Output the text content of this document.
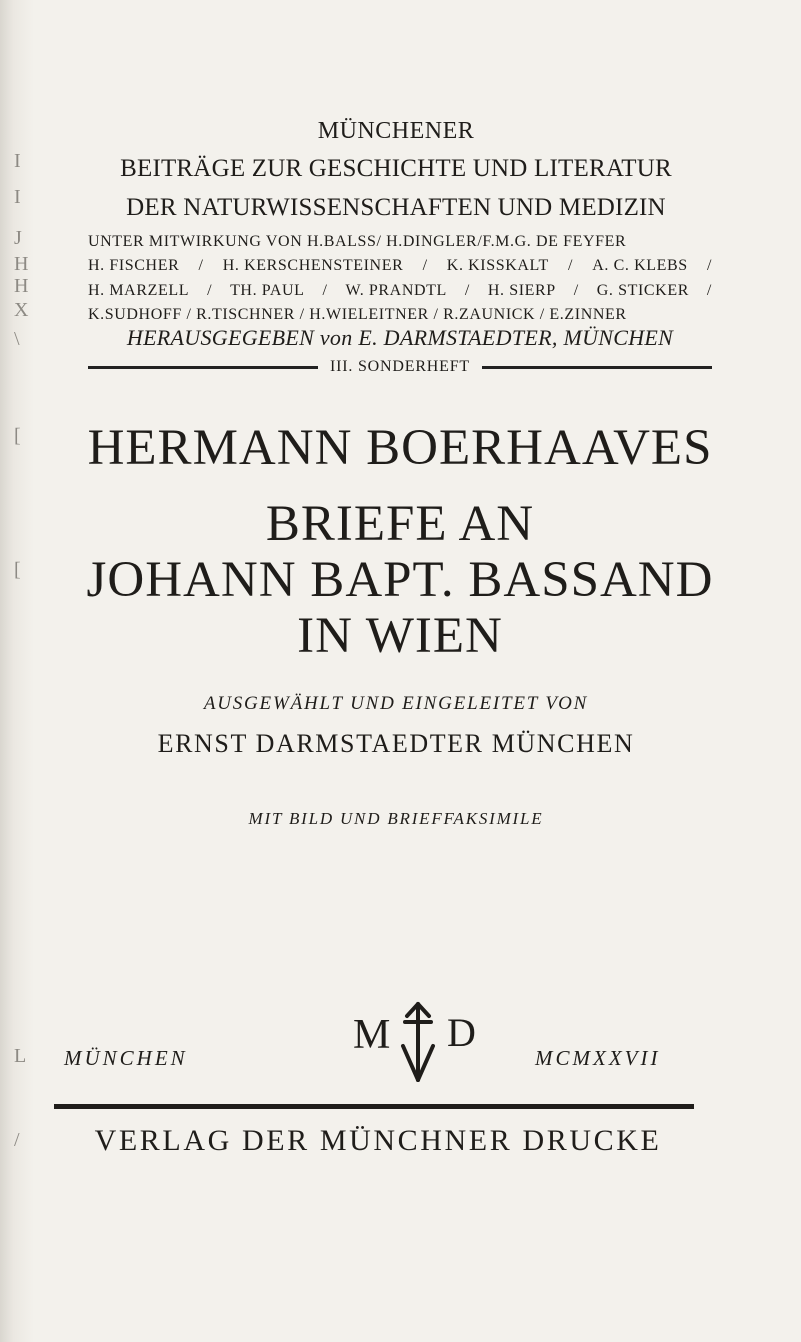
I
I
J
H
H
X
\
[
[
L
/
MÜNCHENER
BEITRÄGE ZUR GESCHICHTE UND LITERATUR
DER NATURWISSENSCHAFTEN UND MEDIZIN
UNTER MITWIRKUNG VON H.BALSS/ H.DINGLER/F.M.G. DE FEYFER
H. FISCHER / H. KERSCHENSTEINER / K. KISSKALT / A. C. KLEBS /
H. MARZELL / TH. PAUL / W. PRANDTL / H. SIERP / G. STICKER /
K.SUDHOFF / R.TISCHNER / H.WIELEITNER / R.ZAUNICK / E.ZINNER
HERAUSGEGEBEN von E. DARMSTAEDTER, MÜNCHEN
III. SONDERHEFT
HERMANN BOERHAAVES
BRIEFE AN
JOHANN BAPT. BASSAND
IN WIEN
AUSGEWÄHLT UND EINGELEITET VON
ERNST DARMSTAEDTER MÜNCHEN
MIT BILD UND BRIEFFAKSIMILE
MÜNCHEN	M D
MCMXXVII
VERLAG DER MÜNCHNER DRUCKE
